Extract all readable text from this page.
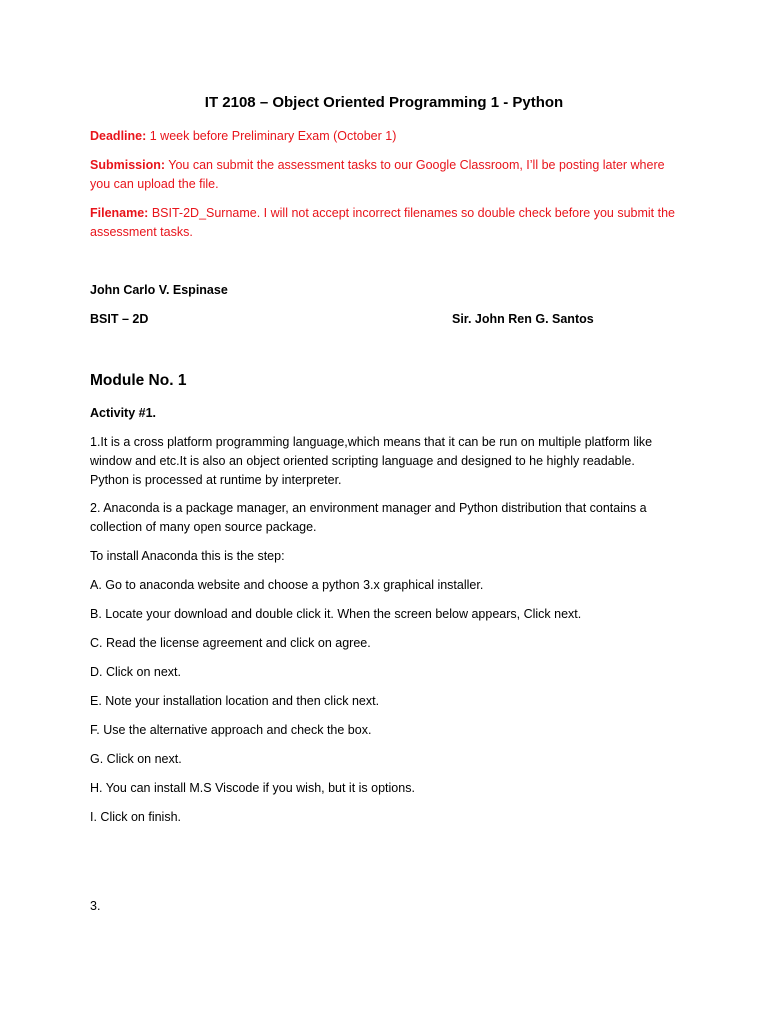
IT 2108 – Object Oriented Programming 1 - Python
Deadline: 1 week before Preliminary Exam (October 1)
Submission: You can submit the assessment tasks to our Google Classroom, I’ll be posting later where you can upload the file.
Filename: BSIT-2D_Surname. I will not accept incorrect filenames so double check before you submit the assessment tasks.
John Carlo V. Espinase
BSIT – 2D	Sir. John Ren G. Santos
Module No. 1
Activity #1.
1.It is a cross platform programming language,which means that it can be run on multiple platform like window and etc.It is also an object oriented scripting language and designed to he highly readable. Python is processed at runtime by interpreter.
2. Anaconda is a package manager, an environment manager and Python distribution that contains a collection of many open source package.
To install Anaconda this is the step:
A. Go to anaconda website and choose a python 3.x graphical installer.
B. Locate your download and double click it. When the screen below appears, Click next.
C. Read the license agreement and click on agree.
D. Click on next.
E. Note your installation location and then click next.
F. Use the alternative approach and check the box.
G. Click on next.
H. You can install M.S Viscode if you wish, but it is options.
I. Click on finish.
3.
